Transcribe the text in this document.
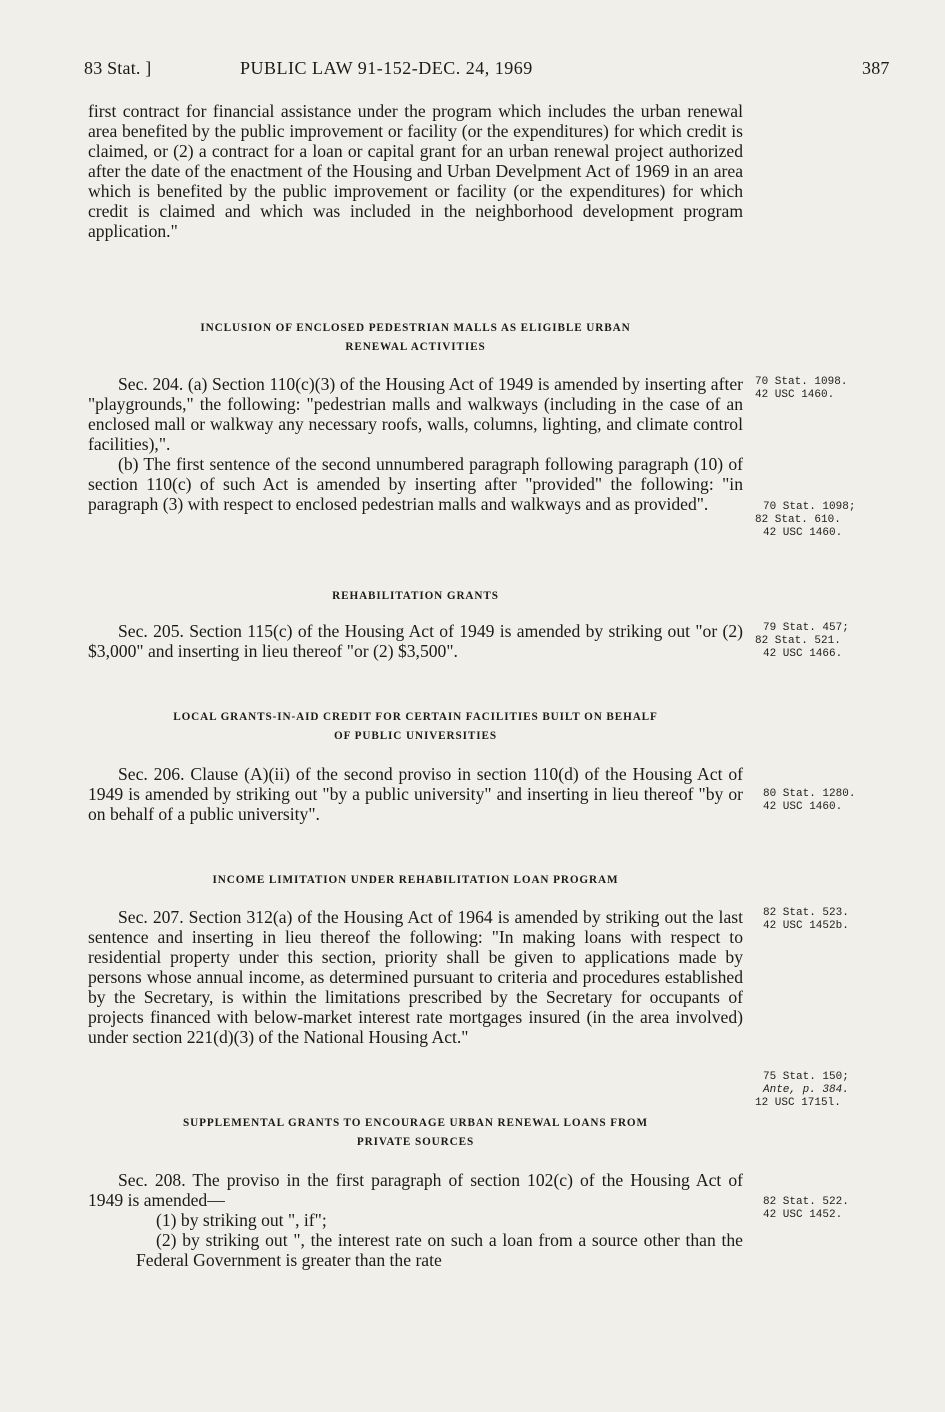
83 Stat. ]	PUBLIC LAW 91-152-DEC. 24, 1969	387

first contract for financial assistance under the program which includes the urban renewal area benefited by the public improvement or facility (or the expenditures) for which credit is claimed, or (2) a contract for a loan or capital grant for an urban renewal project authorized after the date of the enactment of the Housing and Urban Develpment Act of 1969 in an area which is benefited by the public improvement or facility (or the expenditures) for which credit is claimed and which was included in the neighborhood development program application."

INCLUSION OF ENCLOSED PEDESTRIAN MALLS AS ELIGIBLE URBAN

RENEWAL ACTIVITIES

Sec. 204. (a) Section 110(c)(3) of the Housing Act of 1949 is amended by inserting after "playgrounds," the following: "pedestrian malls and walkways (including in the case of an enclosed mall or walkway any necessary roofs, walls, columns, lighting, and climate control facilities),".

(b) The first sentence of the second unnumbered paragraph following paragraph (10) of section 110(c) of such Act is amended by inserting after "provided" the following: "in paragraph (3) with respect to enclosed pedestrian malls and walkways and as provided".

REHABILITATION GRANTS

Sec. 205. Section 115(c) of the Housing Act of 1949 is amended by striking out "or (2) $3,000" and inserting in lieu thereof "or (2) $3,500".

LOCAL GRANTS-IN-AID CREDIT FOR CERTAIN FACILITIES BUILT ON BEHALF

OF PUBLIC UNIVERSITIES

Sec. 206. Clause (A)(ii) of the second proviso in section 110(d) of the Housing Act of 1949 is amended by striking out "by a public university" and inserting in lieu thereof "by or on behalf of a public university".

INCOME LIMITATION UNDER REHABILITATION LOAN PROGRAM

Sec. 207. Section 312(a) of the Housing Act of 1964 is amended by striking out the last sentence and inserting in lieu thereof the following: "In making loans with respect to residential property under this section, priority shall be given to applications made by persons whose annual income, as determined pursuant to criteria and procedures established by the Secretary, is within the limitations prescribed by the Secretary for occupants of projects financed with below-market interest rate mortgages insured (in the area involved) under section 221(d)(3) of the National Housing Act."

SUPPLEMENTAL GRANTS TO ENCOURAGE URBAN RENEWAL LOANS FROM

PRIVATE SOURCES

Sec. 208. The proviso in the first paragraph of section 102(c) of the Housing Act of 1949 is amended—

(1) by striking out ", if";

(2) by striking out ", the interest rate on such a loan from a source other than the Federal Government is greater than the rate

70 Stat. 1098.
42 USC 1460.
70 Stat. 1098;
82 Stat. 610.
42 USC 1460.
79 Stat. 457;
82 Stat. 521.
42 USC 1466.
80 Stat. 1280.
42 USC 1460.
82 Stat. 523.
42 USC 1452b.
75 Stat. 150;
Ante, p. 384.
12 USC 1715l.
82 Stat. 522.
42 USC 1452.
